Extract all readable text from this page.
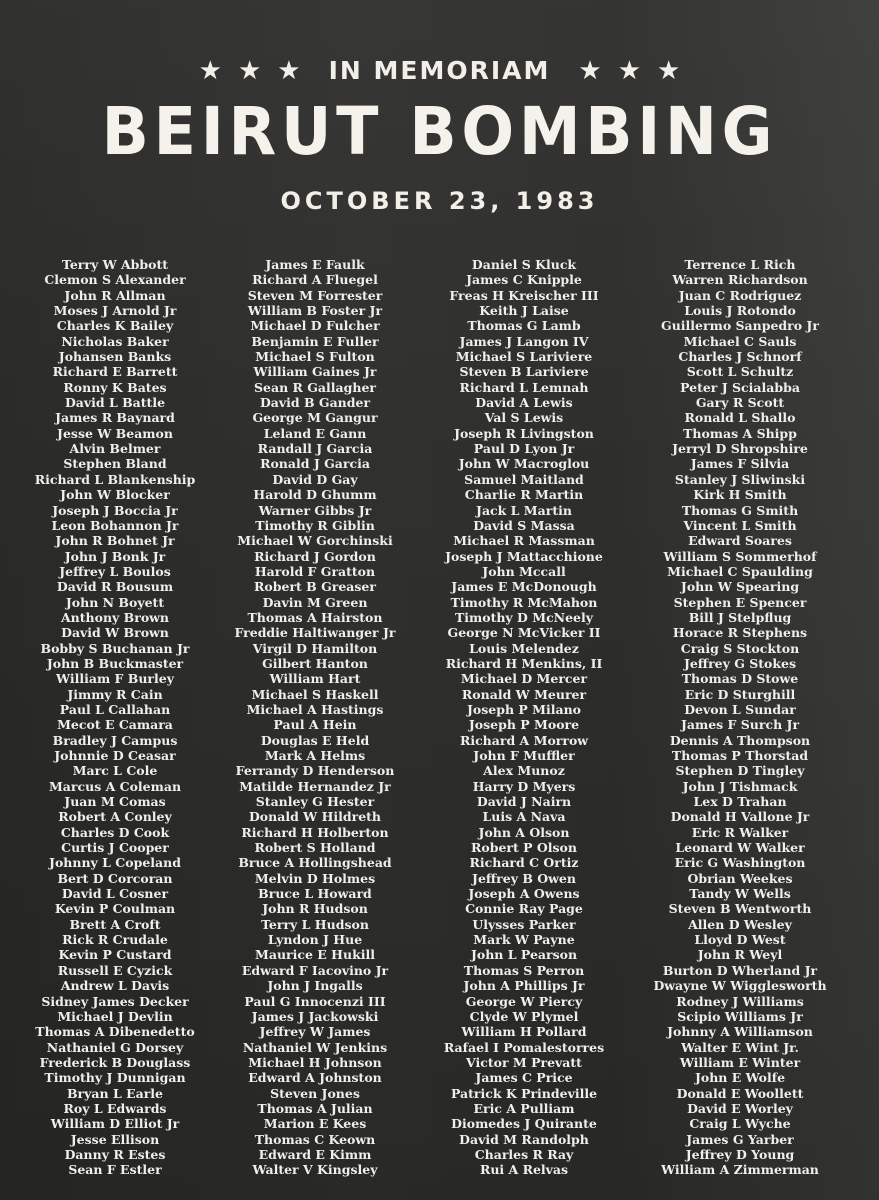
★ ★ ★ IN MEMORIAM ★ ★ ★
BEIRUT BOMBING
OCTOBER 23, 1983
Terry W Abbott
Clemon S Alexander
John R Allman
Moses J Arnold Jr
Charles K Bailey
Nicholas Baker
Johansen Banks
Richard E Barrett
Ronny K Bates
David L Battle
James R Baynard
Jesse W Beamon
Alvin Belmer
Stephen Bland
Richard L Blankenship
John W Blocker
Joseph J Boccia Jr
Leon Bohannon Jr
John R Bohnet Jr
John J Bonk Jr
Jeffrey L Boulos
David R Bousum
John N Boyett
Anthony Brown
David W Brown
Bobby S Buchanan Jr
John B Buckmaster
William F Burley
Jimmy R Cain
Paul L Callahan
Mecot E Camara
Bradley J Campus
Johnnie D Ceasar
Marc L Cole
Marcus A Coleman
Juan M Comas
Robert A Conley
Charles D Cook
Curtis J Cooper
Johnny L Copeland
Bert D Corcoran
David L Cosner
Kevin P Coulman
Brett A Croft
Rick R Crudale
Kevin P Custard
Russell E Cyzick
Andrew L Davis
Sidney James Decker
Michael J Devlin
Thomas A Dibenedetto
Nathaniel G Dorsey
Frederick B Douglass
Timothy J Dunnigan
Bryan L Earle
Roy L Edwards
William D Elliot Jr
Jesse Ellison
Danny R Estes
Sean F Estler
James E Faulk
Richard A Fluegel
Steven M Forrester
William B Foster Jr
Michael D Fulcher
Benjamin E Fuller
Michael S Fulton
William Gaines Jr
Sean R Gallagher
David B Gander
George M Gangur
Leland E Gann
Randall J Garcia
Ronald J Garcia
David D Gay
Harold D Ghumm
Warner Gibbs Jr
Timothy R Giblin
Michael W Gorchinski
Richard J Gordon
Harold F Gratton
Robert B Greaser
Davin M Green
Thomas A Hairston
Freddie Haltiwanger Jr
Virgil D Hamilton
Gilbert Hanton
William Hart
Michael S Haskell
Michael A Hastings
Paul A Hein
Douglas E Held
Mark A Helms
Ferrandy D Henderson
Matilde Hernandez Jr
Stanley G Hester
Donald W Hildreth
Richard H Holberton
Robert S Holland
Bruce A Hollingshead
Melvin D Holmes
Bruce L Howard
John R Hudson
Terry L Hudson
Lyndon J Hue
Maurice E Hukill
Edward F Iacovino Jr
John J Ingalls
Paul G Innocenzi III
James J Jackowski
Jeffrey W James
Nathaniel W Jenkins
Michael H Johnson
Edward A Johnston
Steven Jones
Thomas A Julian
Marion E Kees
Thomas C Keown
Edward E Kimm
Walter V Kingsley
Daniel S Kluck
James C Knipple
Freas H Kreischer III
Keith J Laise
Thomas G Lamb
James J Langon IV
Michael S Lariviere
Steven B Lariviere
Richard L Lemnah
David A Lewis
Val S Lewis
Joseph R Livingston
Paul D Lyon Jr
John W Macroglou
Samuel Maitland
Charlie R Martin
Jack L Martin
David S Massa
Michael R Massman
Joseph J Mattacchione
John Mccall
James E McDonough
Timothy R McMahon
Timothy D McNeely
George N McVicker II
Louis Melendez
Richard H Menkins, II
Michael D Mercer
Ronald W Meurer
Joseph P Milano
Joseph P Moore
Richard A Morrow
John F Muffler
Alex Munoz
Harry D Myers
David J Nairn
Luis A Nava
John A Olson
Robert P Olson
Richard C Ortiz
Jeffrey B Owen
Joseph A Owens
Connie Ray Page
Ulysses Parker
Mark W Payne
John L Pearson
Thomas S Perron
John A Phillips Jr
George W Piercy
Clyde W Plymel
William H Pollard
Rafael I Pomalestorres
Victor M Prevatt
James C Price
Patrick K Prindeville
Eric A Pulliam
Diomedes J Quirante
David M Randolph
Charles R Ray
Rui A Relvas
Terrence L Rich
Warren Richardson
Juan C Rodriguez
Louis J Rotondo
Guillermo Sanpedro Jr
Michael C Sauls
Charles J Schnorf
Scott L Schultz
Peter J Scialabba
Gary R Scott
Ronald L Shallo
Thomas A Shipp
Jerryl D Shropshire
James F Silvia
Stanley J Sliwinski
Kirk H Smith
Thomas G Smith
Vincent L Smith
Edward Soares
William S Sommerhof
Michael C Spaulding
John W Spearing
Stephen E Spencer
Bill J Stelpflug
Horace R Stephens
Craig S Stockton
Jeffrey G Stokes
Thomas D Stowe
Eric D Sturghill
Devon L Sundar
James F Surch Jr
Dennis A Thompson
Thomas P Thorstad
Stephen D Tingley
John J Tishmack
Lex D Trahan
Donald H Vallone Jr
Eric R Walker
Leonard W Walker
Eric G Washington
Obrian Weekes
Tandy W Wells
Steven B Wentworth
Allen D Wesley
Lloyd D West
John R Weyl
Burton D Wherland Jr
Dwayne W Wigglesworth
Rodney J Williams
Scipio Williams Jr
Johnny A Williamson
Walter E Wint Jr.
William E Winter
John E Wolfe
Donald E Woollett
David E Worley
Craig L Wyche
James G Yarber
Jeffrey D Young
William A Zimmerman
